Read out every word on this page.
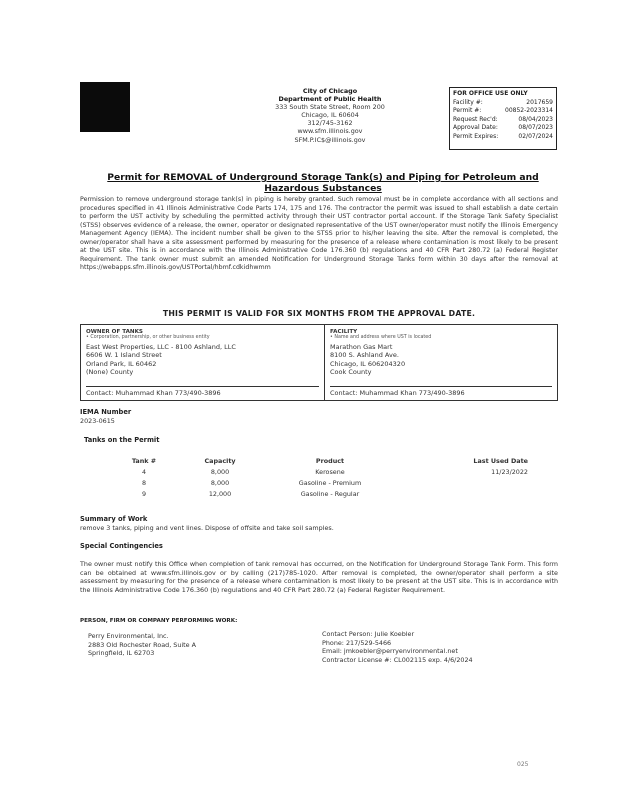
City of Chicago
Department of Public Health
333 South State Street, Room 200
Chicago, IL 60604
312/745-3162
www.sfm.illinois.gov
SFM.P.IC$@illinois.gov
FOR OFFICE USE ONLY
Facility #:	2017659
Permit #:	00852-2023314
Request Rec'd:	08/04/2023
Approval Date:	08/07/2023
Permit Expires:	02/07/2024
Permit for REMOVAL of Underground Storage Tank(s) and Piping for Petroleum and Hazardous Substances
Permission to remove underground storage tank(s) in piping is hereby granted. Such removal must be in complete accordance with all sections and procedures specified in 41 Illinois Administrative Code Parts 174, 175 and 176. The contractor the permit was issued to shall establish a date certain to perform the UST activity by scheduling the permitted activity through their UST contractor portal account. If the Storage Tank Safety Specialist (STSS) observes evidence of a release, the owner, operator or designated representative of the UST owner/operator must notify the Illinois Emergency Management Agency (IEMA). The incident number shall be given to the STSS prior to his/her leaving the site. After the removal is completed, the owner/operator shall have a site assessment performed by measuring for the presence of a release where contamination is most likely to be present at the UST site. This is in accordance with the Illinois Administrative Code 176.360 (b) regulations and 40 CFR Part 280.72 (a) Federal Register Requirement. The tank owner must submit an amended Notification for Underground Storage Tanks form within 30 days after the removal at https://webapps.sfm.illinois.gov/USTPortal/hbmf.cdkidhwmm
THIS PERMIT IS VALID FOR SIX MONTHS FROM THE APPROVAL DATE.
OWNER OF TANKS
• Corporation, partnership, or other business entity
East West Properties, LLC - 8100 Ashland, LLC
6606 W. 1 Island Street
Orland Park, IL 60462
(None) County
Contact: Muhammad Khan 773/490-3896
FACILITY
• Name and address where UST is located
Marathon Gas Mart
8100 S. Ashland Ave.
Chicago, IL 606204320
Cook County
Contact: Muhammad Khan 773/490-3896
IEMA Number
2023-0615
Tanks on the Permit
Tank #	Capacity	Product	Last Used Date
4	8,000	Kerosene	11/23/2022
8	8,000	Gasoline - Premium
9	12,000	Gasoline - Regular
Summary of Work
remove 3 tanks, piping and vent lines. Dispose of offsite and take soil samples.
Special Contingencies
The owner must notify this Office when completion of tank removal has occurred, on the Notification for Underground Storage Tank Form. This form can be obtained at www.sfm.illinois.gov or by calling (217)785-1020. After removal is completed, the owner/operator shall perform a site assessment by measuring for the presence of a release where contamination is most likely to be present at the UST site. This is in accordance with the Illinois Administrative Code 176.360 (b) regulations and 40 CFR Part 280.72 (a) Federal Register Requirement.
PERSON, FIRM OR COMPANY PERFORMING WORK:
Perry Environmental, Inc.
2883 Old Rochester Road, Suite A
Springfield, IL 62703
Contact Person: Julie Koebler
Phone: 217/529-5466
Email: jmkoebler@perryenvironmental.net
Contractor License #: CL002115 exp. 4/6/2024
025
